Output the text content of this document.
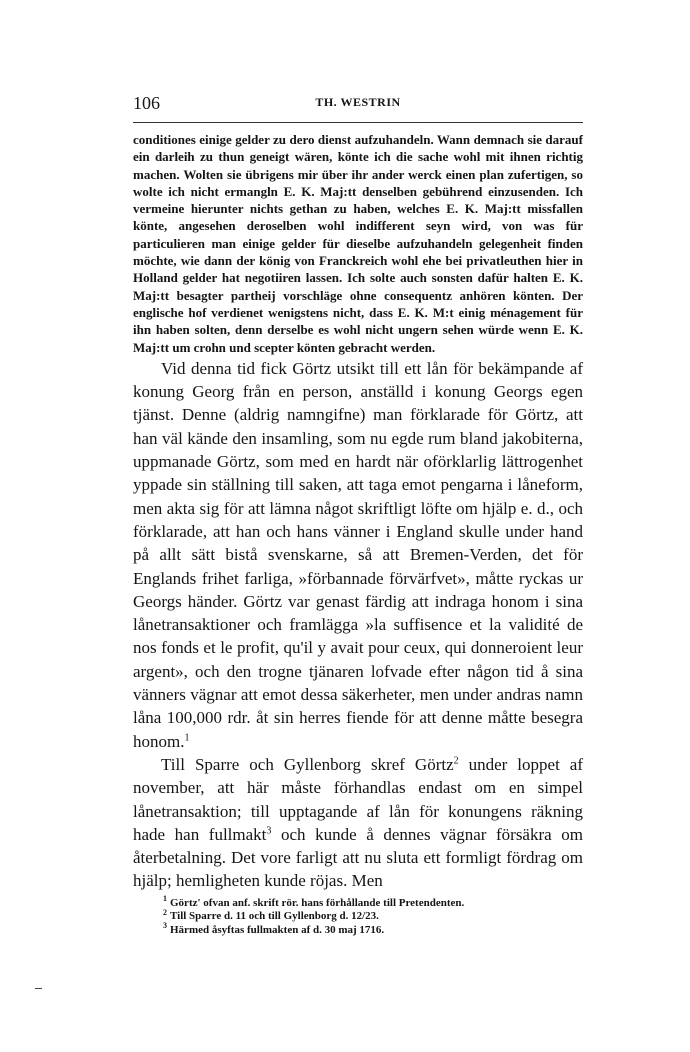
106	TH. WESTRIN
conditiones einige gelder zu dero dienst aufzuhandeln. Wann demnach sie darauf ein darleih zu thun geneigt wären, könte ich die sache wohl mit ihnen richtig machen. Wolten sie übrigens mir über ihr ander werck einen plan zufertigen, so wolte ich nicht ermangln E. K. Maj:tt denselben gebührend einzusenden. Ich vermeine hierunter nichts gethan zu haben, welches E. K. Maj:tt missfallen könte, angesehen deroselben wohl indifferent seyn wird, von was für particulieren man einige gelder für dieselbe aufzuhandeln gelegenheit finden möchte, wie dann der könig von Franckreich wohl ehe bei privatleuthen hier in Holland gelder hat negotiiren lassen. Ich solte auch sonsten dafür halten E. K. Maj:tt besagter partheij vorschläge ohne consequentz anhören könten. Der englische hof verdienet wenigstens nicht, dass E. K. M:t einig ménagement für ihn haben solten, denn derselbe es wohl nicht ungern sehen würde wenn E. K. Maj:tt um crohn und scepter könten gebracht werden.

Vid denna tid fick Görtz utsikt till ett lån för bekämpande af konung Georg från en person, anställd i konung Georgs egen tjänst. Denne (aldrig namngifne) man förklarade för Görtz, att han väl kände den insamling, som nu egde rum bland jakobiterna, uppmanade Görtz, som med en hardt när oförklarlig lättrogenhet yppade sin ställning till saken, att taga emot pengarna i låneform, men akta sig för att lämna något skriftligt löfte om hjälp e. d., och förklarade, att han och hans vänner i England skulle under hand på allt sätt bistå svenskarne, så att Bremen-Verden, det för Englands frihet farliga, »förbannade förvärfvet», måtte ryckas ur Georgs händer. Görtz var genast färdig att indraga honom i sina lånetransaktioner och framlägga »la suffisence et la validité de nos fonds et le profit, qu'il y avait pour ceux, qui donneroient leur argent», och den trogne tjänaren lofvade efter någon tid å sina vänners vägnar att emot dessa säkerheter, men under andras namn låna 100,000 rdr. åt sin herres fiende för att denne måtte besegra honom.$^1$

Till Sparre och Gyllenborg skref Görtz$^2$ under loppet af november, att här måste förhandlas endast om en simpel lånetransaktion; till upptagande af lån för konungens räkning hade han fullmakt$^3$ och kunde å dennes vägnar försäkra om återbetalning. Det vore farligt att nu sluta ett formligt fördrag om hjälp; hemligheten kunde röjas. Men

$^1$ Görtz' ofvan anf. skrift rör. hans förhållande till Pretendenten.
$^2$ Till Sparre d. 11 och till Gyllenborg d. 12/23.
$^3$ Härmed åsyftas fullmakten af d. 30 maj 1716.
